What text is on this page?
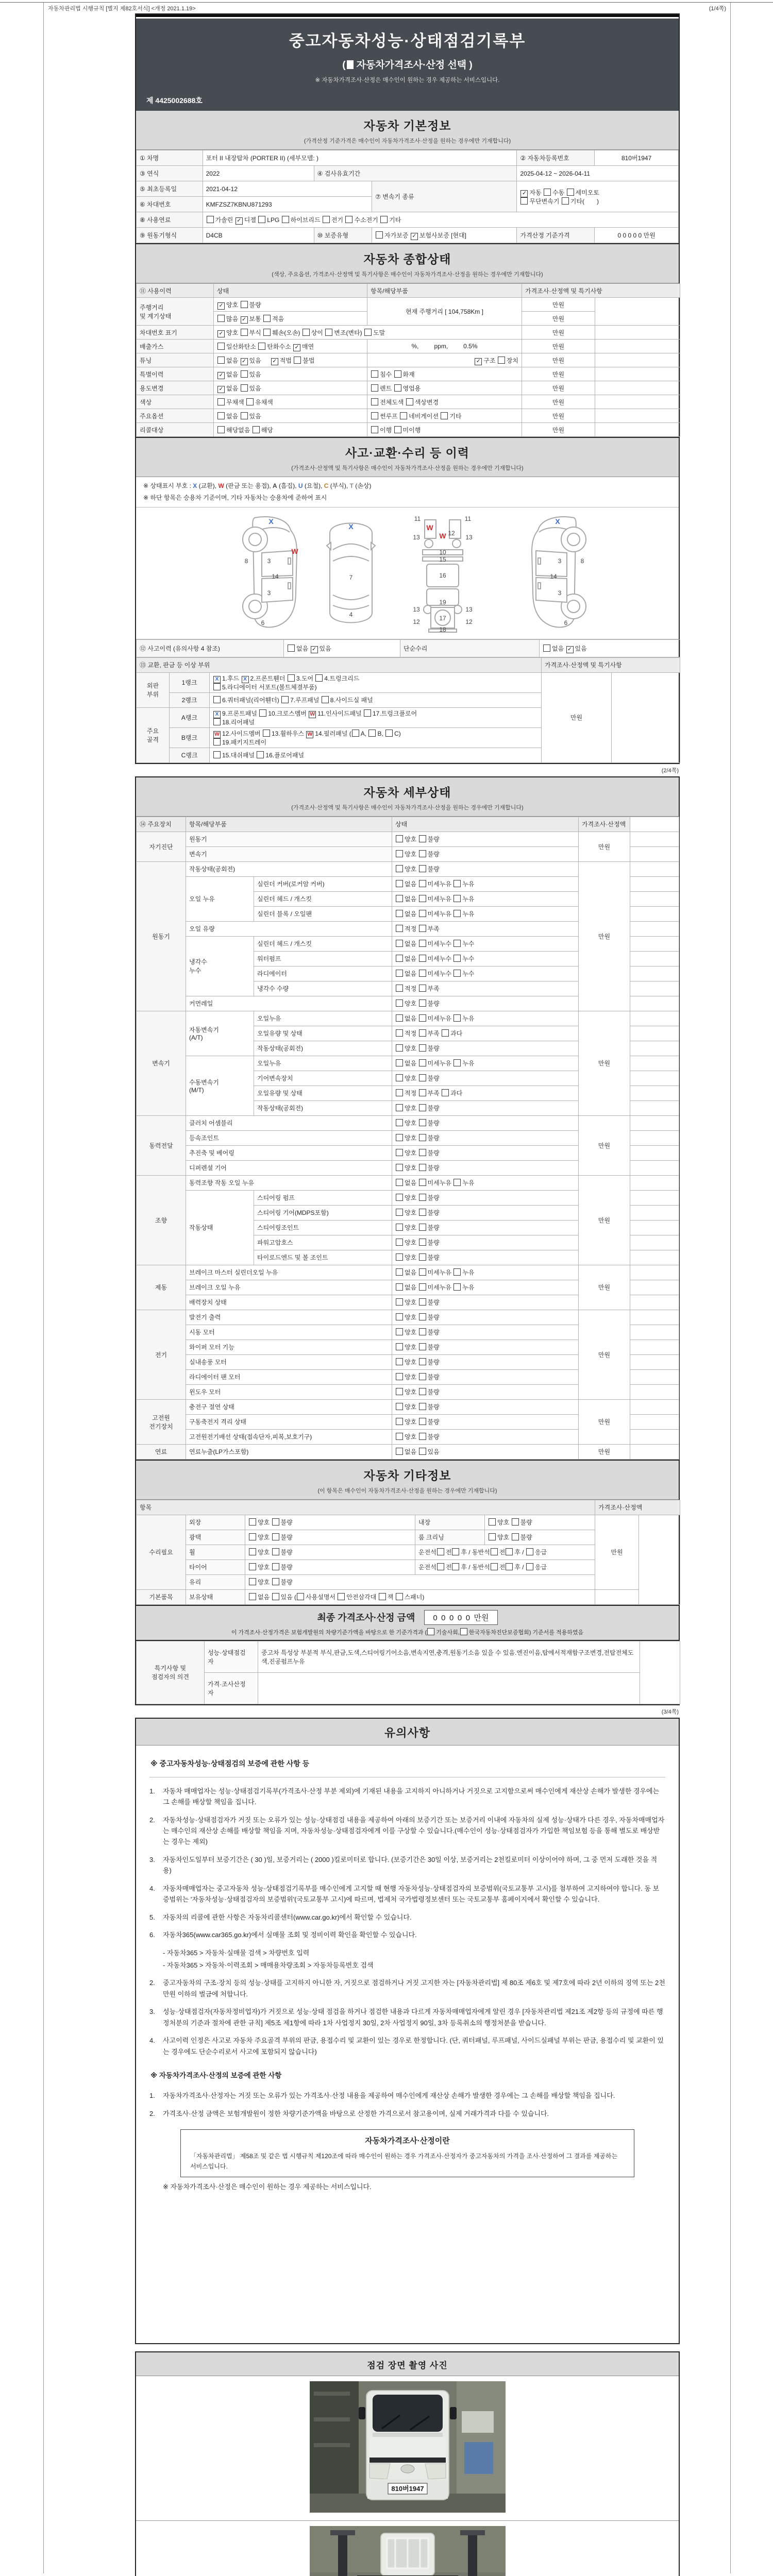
자동차관리법 시행규칙 [별지 제82호서식] <개정 2021.1.19>	(1/4쪽)
중고자동차성능·상태점검기록부
( 자동차가격조사·산정 선택 )
※ 자동차가격조사·산정은 매수인이 원하는 경우 제공하는 서비스입니다.
제 4425002688호
자동차 기본정보
(가격산정 기준가격은 매수인이 자동차가격조사·산정을 원하는 경우에만 기재합니다)
① 차명	포터 II 내장탑차 (PORTER II) (세부모델: )			② 자동차등록번호	810버1947
③ 연식	2022	④ 검사유효기간		2025-04-12 ~ 2026-04-11	
⑤ 최초등록일	2021-04-12		⑦ 변속기 종류	✓ 자동 수동 세미오토
무단변속기 기타(    )	
⑥ 차대번호	KMFZSZ7KBNU871293				
⑧ 사용연료	가솔린 ✓ 디젤 LPG 하이브리드 전기 수소전기 기타				
⑨ 원동기형식	D4CB	⑩ 보증유형	자가보증 ✓ 보험사보증 [현대]	가격산정 기준가격	0 0 0 0 0 만원
자동차 종합상태
(색상, 주요옵션, 가격조사·산정액 및 특기사항은 매수인이 자동차가격조사·산정을 원하는 경우에만 기재합니다)
⑪ 사용이력	상태	항목/해당부품	가격조사·산정액 및 특기사항	
주행거리
및 계기상태	✓ 양호 불량	현재 주행거리 [ 104,758Km ]	만원	
	많음 ✓ 보통 적음		만원	
차대번호 표기	✓ 양호 부식 훼손(오손) 상이 변조(변타) 도말		만원	
배출가스	일산화탄소 탄화수소 ✓ 매연	%,     ppm,     0.5%	만원	
튜닝	없음 ✓ 있음   ✓ 적법 불법	✓ 구조 장치	만원	
특별이력	✓ 없음 있음	침수 화재	만원	
용도변경	✓ 없음 있음	렌트 영업용	만원	
색상	무채색 유채색	전체도색 색상변경	만원	
주요옵션	없음 있음	썬루프 네비게이션 기타	만원	
리콜대상	해당없음 해당	이행 미이행	만원	
사고·교환·수리 등 이력
(가격조사·산정액 및 특기사항은 매수인이 자동차가격조사·산정을 원하는 경우에만 기재합니다)
※ 상태표시 부호 : X (교환), W (판금 또는 용접), A (흠집), U (요철), C (부식), T (손상)
※ 하단 항목은 승용차 기준이며, 기타 자동차는 승용차에 준하여 표시
X
W
8	3
14
3
6
X
7
4
11	11
W
W 12
13	13
10
15
16
19
13	13
12	12
17
18
X
3	8
14
3
6
⑫ 사고이력 (유의사항 4 참조)	없음 ✓ 있음	단순수리	없음 ✓ 있음
⑬ 교환, 판금 등 이상 부위			가격조사·산정액 및 특기사항	
외판
부위	1랭크	X 1.후드 X 2.프론트휀더 3.도어 4.트렁크리드
5.라디에이터 서포트(볼트체결부품)	만원	
	2랭크	6.쿼터패널(리어휀더) 7.루프패널 8.사이드실 패널		
주요
골격	A랭크	X 9.프론트패널 10.크로스멤버 W 11.인사이드패널 17.트렁크플로어
18.리어패널		
	B랭크	W 12.사이드멤버 13.휠하우스 W 14.필러패널 ( A, B, C)
19.패키지트레이		
	C랭크	15.대쉬패널 16.플로어패널		
(2/4쪽)
자동차 세부상태
(가격조사·산정액 및 특기사항은 매수인이 자동차가격조사·산정을 원하는 경우에만 기재합니다)
⑭ 주요장치	항목/해당부품		상태	가격조사·산정액	
자기진단	원동기		양호 불량	만원	
	변속기		양호 불량		
원동기	작동상태(공회전)		양호 불량	만원	
	오일 누유	실린더 커버(로커암 커버)	없음 미세누유 누유		
		실린더 헤드 / 개스킷	없음 미세누유 누유		
		실린더 블록 / 오일팬	없음 미세누유 누유		
	오일 유량		적정 부족		
	냉각수
누수	실린더 헤드 / 개스킷	없음 미세누수 누수		
		워터펌프	없음 미세누수 누수		
		라디에이터	없음 미세누수 누수		
		냉각수 수량	적정 부족		
	커먼레일		양호 불량		
변속기	자동변속기
(A/T)	오일누유	없음 미세누유 누유	만원	
		오일유량 및 상태	적정 부족 과다		
		작동상태(공회전)	양호 불량		
	수동변속기
(M/T)	오일누유	없음 미세누유 누유		
		기어변속장치	양호 불량		
		오일유량 및 상태	적정 부족 과다		
		작동상태(공회전)	양호 불량		
동력전달	클러치 어셈블리		양호 불량	만원	
	등속조인트		양호 불량		
	추진축 및 베어링		양호 불량		
	디퍼렌셜 기어		양호 불량		
조향	동력조향 작동 오일 누유		없음 미세누유 누유	만원	
	작동상태	스티어링 펌프	양호 불량		
		스티어링 기어(MDPS포함)	양호 불량		
		스티어링조인트	양호 불량		
		파워고압호스	양호 불량		
		타이로드엔드 및 볼 조인트	양호 불량		
제동	브레이크 마스터 실린더오일 누유		없음 미세누유 누유	만원	
	브레이크 오일 누유		없음 미세누유 누유		
	배력장치 상태		양호 불량		
전기	발전기 출력		양호 불량	만원	
	시동 모터		양호 불량		
	와이퍼 모터 기능		양호 불량		
	실내송풍 모터		양호 불량		
	라디에이터 팬 모터		양호 불량		
	윈도우 모터		양호 불량		
고전원
전기장치	충전구 절연 상태		양호 불량	만원	
	구동축전지 격리 상태		양호 불량		
	고전원전기배선 상태(접속단자,피복,보호기구)		양호 불량		
연료	연료누출(LP가스포함)		없음 있음	만원	
자동차 기타정보
(이 항목은 매수인이 자동차가격조사·산정을 원하는 경우에만 기재합니다)
항목					가격조사·산정액	
수리필요	외장	양호 불량	내장	양호 불량	만원	
	광택	양호 불량	룸 크리닝	양호 불량		
	휠	양호 불량	운전석 전 후 / 동반석 전 후 / 응급			
	타이어	양호 불량	운전석 전 후 / 동반석 전 후 / 응급			
	유리	양호 불량				
기본품목	보유상태	없음 있음 ( 사용설명서 안전삼각대 잭 스패너)				
최종 가격조사·산정 금액	0 0 0 0 0 만원
이 가격조사·산정가격은 보험개발원의 차량기준가액을 바탕으로 한 기준가격과 ( 기술사회, 한국자동차진단보증협회) 기준서를 적용하였음
특기사항 및
점검자의 의견	성능·상태점검
자	중고차 특성상 부분적 부식,판금,도색,스티어링기어소음,변속지연,충격,원동기소음 있을 수 있음.엔진이음,탑에서적재함구조변경,전탑전체도색,진공펌프누유	
	가격·조사산정
자		
(3/4쪽)
유의사항
※ 중고자동차성능·상태점검의 보증에 관한 사항 등
1.	자동차 매매업자는 성능·상태점검기록부(가격조사·산정 부분 제외)에 기재된 내용을 고지하지 아니하거나 거짓으로 고지함으로써 매수인에게 재산상 손해가 발생한 경우에는 그 손해를 배상할 책임을 집니다.
2.	자동차성능·상태점검자가 거짓 또는 오류가 있는 성능·상태점검 내용을 제공하여 아래의 보증기간 또는 보증거리 이내에 자동차의 실제 성능·상태가 다른 경우, 자동차매매업자는 매수인의 재산상 손해를 배상할 책임을 지며, 자동차성능·상태점검자에게 이를 구상할 수 있습니다.(매수인이 성능·상태점검자가 가입한 책임보험 등을 통해 별도로 배상받는 경우는 제외)
3.	자동차인도일부터 보증기간은 ( 30 )일, 보증거리는 ( 2000 )킬로미터로 합니다. (보증기간은 30일 이상, 보증거리는 2천킬로미터 이상이어야 하며, 그 중 먼저 도래한 것을 적용)
4.	자동차매매업자는 중고자동차 성능·상태점검기록부를 매수인에게 고지할 때 현행 자동차성능·상태점검자의 보증범위(국토교통부 고시)를 첨부하여 고지하여야 합니다. 동 보증범위는 '자동차성능·상태점검자의 보증범위'(국토교통부 고시)에 따르며, 법제처 국가법령정보센터 또는 국토교통부 홈페이지에서 확인할 수 있습니다.
5.	자동차의 리콜에 관한 사항은 자동차리콜센터(www.car.go.kr)에서 확인할 수 있습니다.
6.	자동차365(www.car365.go.kr)에서 실매물 조회 및 정비이력 확인을 확인할 수 있습니다.
- 자동차365 > 자동차·실매물 검색 > 차량번호 입력
- 자동차365 > 자동차·이력조회 > 매매용차량조회 > 자동차등록번호 검색
2.	중고자동차의 구조·장치 등의 성능·상태를 고지하지 아니한 자, 거짓으로 점검하거나 거짓 고지한 자는 [자동차관리법] 제 80조 제6호 및 제7호에 따라 2년 이하의 징역 또는 2천만원 이하의 벌금에 처합니다.
3.	성능·상태점검자(자동차정비업자)가 거짓으로 성능·상태 점검을 하거나 점검한 내용과 다르게 자동차매매업자에게 알린 경우 [자동차관리법 제21조 제2항 등의 규정에 따른 행정처분의 기준과 절차에 관한 규칙] 제5조 제1항에 따라 1차 사업정지 30일, 2차 사업정지 90일, 3차 등록취소의 행정처분을 받습니다.
4.	사고이력 인정은 사고로 자동차 주요골격 부위의 판금, 용접수리 및 교환이 있는 경우로 한정합니다. (단, 쿼터패널, 루프패널, 사이드실패널 부위는 판금, 용접수리 및 교환이 있는 경우에도 단순수리로서 사고에 포함되지 않습니다)
※ 자동차가격조사·산정의 보증에 관한 사항
1.	자동차가격조사·산정자는 거짓 또는 오류가 있는 가격조사·산정 내용을 제공하여 매수인에게 재산상 손해가 발생한 경우에는 그 손해를 배상할 책임을 집니다.
2.	가격조사·산정 금액은 보험개발원이 정한 차량기준가액을 바탕으로 산정한 가격으로서 참고용이며, 실제 거래가격과 다를 수 있습니다.
자동차가격조사·산정이란
「자동차관리법」 제58조 및 같은 법 시행규칙 제120조에 따라 매수인이 원하는 경우 가격조사·산정자가 중고자동차의 가격을 조사·산정하여 그 결과를 제공하는 서비스입니다.
※ 자동차가격조사·산정은 매수인이 원하는 경우 제공하는 서비스입니다.
점검 장면 촬영 사진
810버1947
